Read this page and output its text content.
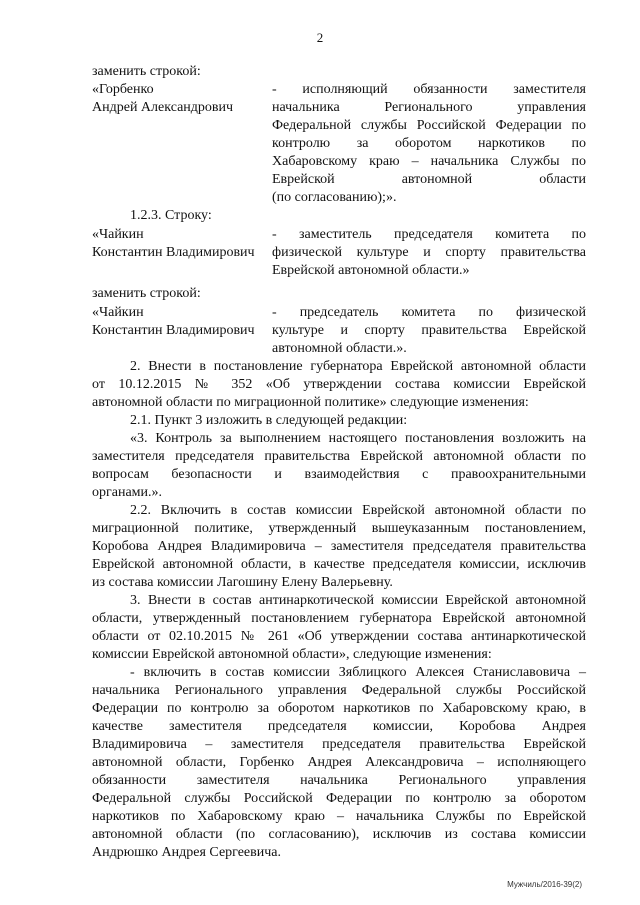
2
заменить строкой:
«Горбенко
Андрей Александрович
- исполняющий обязанности заместителя
начальника Регионального управления
Федеральной службы Российской Федерации по
контролю за оборотом наркотиков по
Хабаровскому краю – начальника Службы по
Еврейской автономной области
(по согласованию);».
1.2.3. Строку:
«Чайкин
Константин Владимирович
- заместитель председателя комитета по
физической культуре и спорту правительства
Еврейской автономной области.»
заменить строкой:
«Чайкин
Константин Владимирович
- председатель комитета по физической
культуре и спорту правительства Еврейской
автономной области.».
2. Внести в постановление губернатора Еврейской автономной области
от 10.12.2015 № 352 «Об утверждении состава комиссии Еврейской
автономной области по миграционной политике» следующие изменения:
2.1. Пункт 3 изложить в следующей редакции:
«3. Контроль за выполнением настоящего постановления возложить на
заместителя председателя правительства Еврейской автономной области по
вопросам безопасности и взаимодействия с правоохранительными
органами.».
2.2. Включить в состав комиссии Еврейской автономной области по
миграционной политике, утвержденный вышеуказанным постановлением,
Коробова Андрея Владимировича – заместителя председателя правительства
Еврейской автономной области, в качестве председателя комиссии, исключив
из состава комиссии Лагошину Елену Валерьевну.
3. Внести в состав антинаркотической комиссии Еврейской автономной
области, утвержденный постановлением губернатора Еврейской автономной
области от 02.10.2015 № 261 «Об утверждении состава антинаркотической
комиссии Еврейской автономной области», следующие изменения:
- включить в состав комиссии Зяблицкого Алексея Станиславовича –
начальника Регионального управления Федеральной службы Российской
Федерации по контролю за оборотом наркотиков по Хабаровскому краю, в
качестве заместителя председателя комиссии, Коробова Андрея
Владимировича – заместителя председателя правительства Еврейской
автономной области, Горбенко Андрея Александровича – исполняющего
обязанности заместителя начальника Регионального управления
Федеральной службы Российской Федерации по контролю за оборотом
наркотиков по Хабаровскому краю – начальника Службы по Еврейской
автономной области (по согласованию), исключив из состава комиссии
Андрюшко Андрея Сергеевича.
Мужчиль/2016-39(2)
